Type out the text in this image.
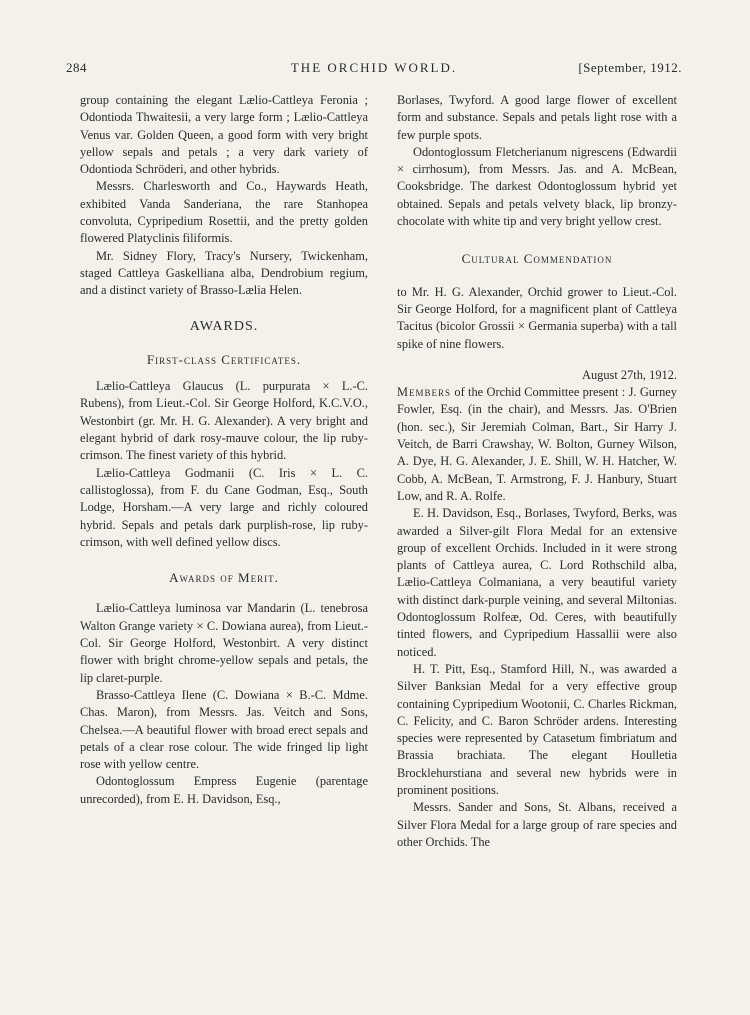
284	THE ORCHID WORLD.	[September, 1912.

group containing the elegant Lælio-Cattleya Feronia ; Odontioda Thwaitesii, a very large form ; Lælio-Cattleya Venus var. Golden Queen, a good form with very bright yellow sepals and petals ; a very dark variety of Odontioda Schröderi, and other hybrids.

Messrs. Charlesworth and Co., Haywards Heath, exhibited Vanda Sanderiana, the rare Stanhopea convoluta, Cypripedium Rosettii, and the pretty golden flowered Platyclinis filiformis.

Mr. Sidney Flory, Tracy's Nursery, Twickenham, staged Cattleya Gaskelliana alba, Dendrobium regium, and a distinct variety of Brasso-Lælia Helen.

AWARDS.
First-class Certificates.

Lælio-Cattleya Glaucus (L. purpurata × L.-C. Rubens), from Lieut.-Col. Sir George Holford, K.C.V.O., Westonbirt (gr. Mr. H. G. Alexander). A very bright and elegant hybrid of dark rosy-mauve colour, the lip ruby-crimson. The finest variety of this hybrid.

Lælio-Cattleya Godmanii (C. Iris × L. C. callistoglossa), from F. du Cane Godman, Esq., South Lodge, Horsham.—A very large and richly coloured hybrid. Sepals and petals dark purplish-rose, lip ruby-crimson, with well defined yellow discs.

Awards of Merit.

Lælio-Cattleya luminosa var Mandarin (L. tenebrosa Walton Grange variety × C. Dowiana aurea), from Lieut.-Col. Sir George Holford, Westonbirt. A very distinct flower with bright chrome-yellow sepals and petals, the lip claret-purple.

Brasso-Cattleya Ilene (C. Dowiana × B.-C. Mdme. Chas. Maron), from Messrs. Jas. Veitch and Sons, Chelsea.—A beautiful flower with broad erect sepals and petals of a clear rose colour. The wide fringed lip light rose with yellow centre.

Odontoglossum Empress Eugenie (parentage unrecorded), from E. H. Davidson, Esq.,

Borlases, Twyford. A good large flower of excellent form and substance. Sepals and petals light rose with a few purple spots.

Odontoglossum Fletcherianum nigrescens (Edwardii × cirrhosum), from Messrs. Jas. and A. McBean, Cooksbridge. The darkest Odontoglossum hybrid yet obtained. Sepals and petals velvety black, lip bronzy-chocolate with white tip and very bright yellow crest.

Cultural Commendation

to Mr. H. G. Alexander, Orchid grower to Lieut.-Col. Sir George Holford, for a magnificent plant of Cattleya Tacitus (bicolor Grossii × Germania superba) with a tall spike of nine flowers.

August 27th, 1912.

Members of the Orchid Committee present : J. Gurney Fowler, Esq. (in the chair), and Messrs. Jas. O'Brien (hon. sec.), Sir Jeremiah Colman, Bart., Sir Harry J. Veitch, de Barri Crawshay, W. Bolton, Gurney Wilson, A. Dye, H. G. Alexander, J. E. Shill, W. H. Hatcher, W. Cobb, A. McBean, T. Armstrong, F. J. Hanbury, Stuart Low, and R. A. Rolfe.

E. H. Davidson, Esq., Borlases, Twyford, Berks, was awarded a Silver-gilt Flora Medal for an extensive group of excellent Orchids. Included in it were strong plants of Cattleya aurea, C. Lord Rothschild alba, Lælio-Cattleya Colmaniana, a very beautiful variety with distinct dark-purple veining, and several Miltonias. Odontoglossum Rolfeæ, Od. Ceres, with beautifully tinted flowers, and Cypripedium Hassallii were also noticed.

H. T. Pitt, Esq., Stamford Hill, N., was awarded a Silver Banksian Medal for a very effective group containing Cypripedium Wootonii, C. Charles Rickman, C. Felicity, and C. Baron Schröder ardens. Interesting species were represented by Catasetum fimbriatum and Brassia brachiata. The elegant Houlletia Brocklehurstiana and several new hybrids were in prominent positions.

Messrs. Sander and Sons, St. Albans, received a Silver Flora Medal for a large group of rare species and other Orchids. The
